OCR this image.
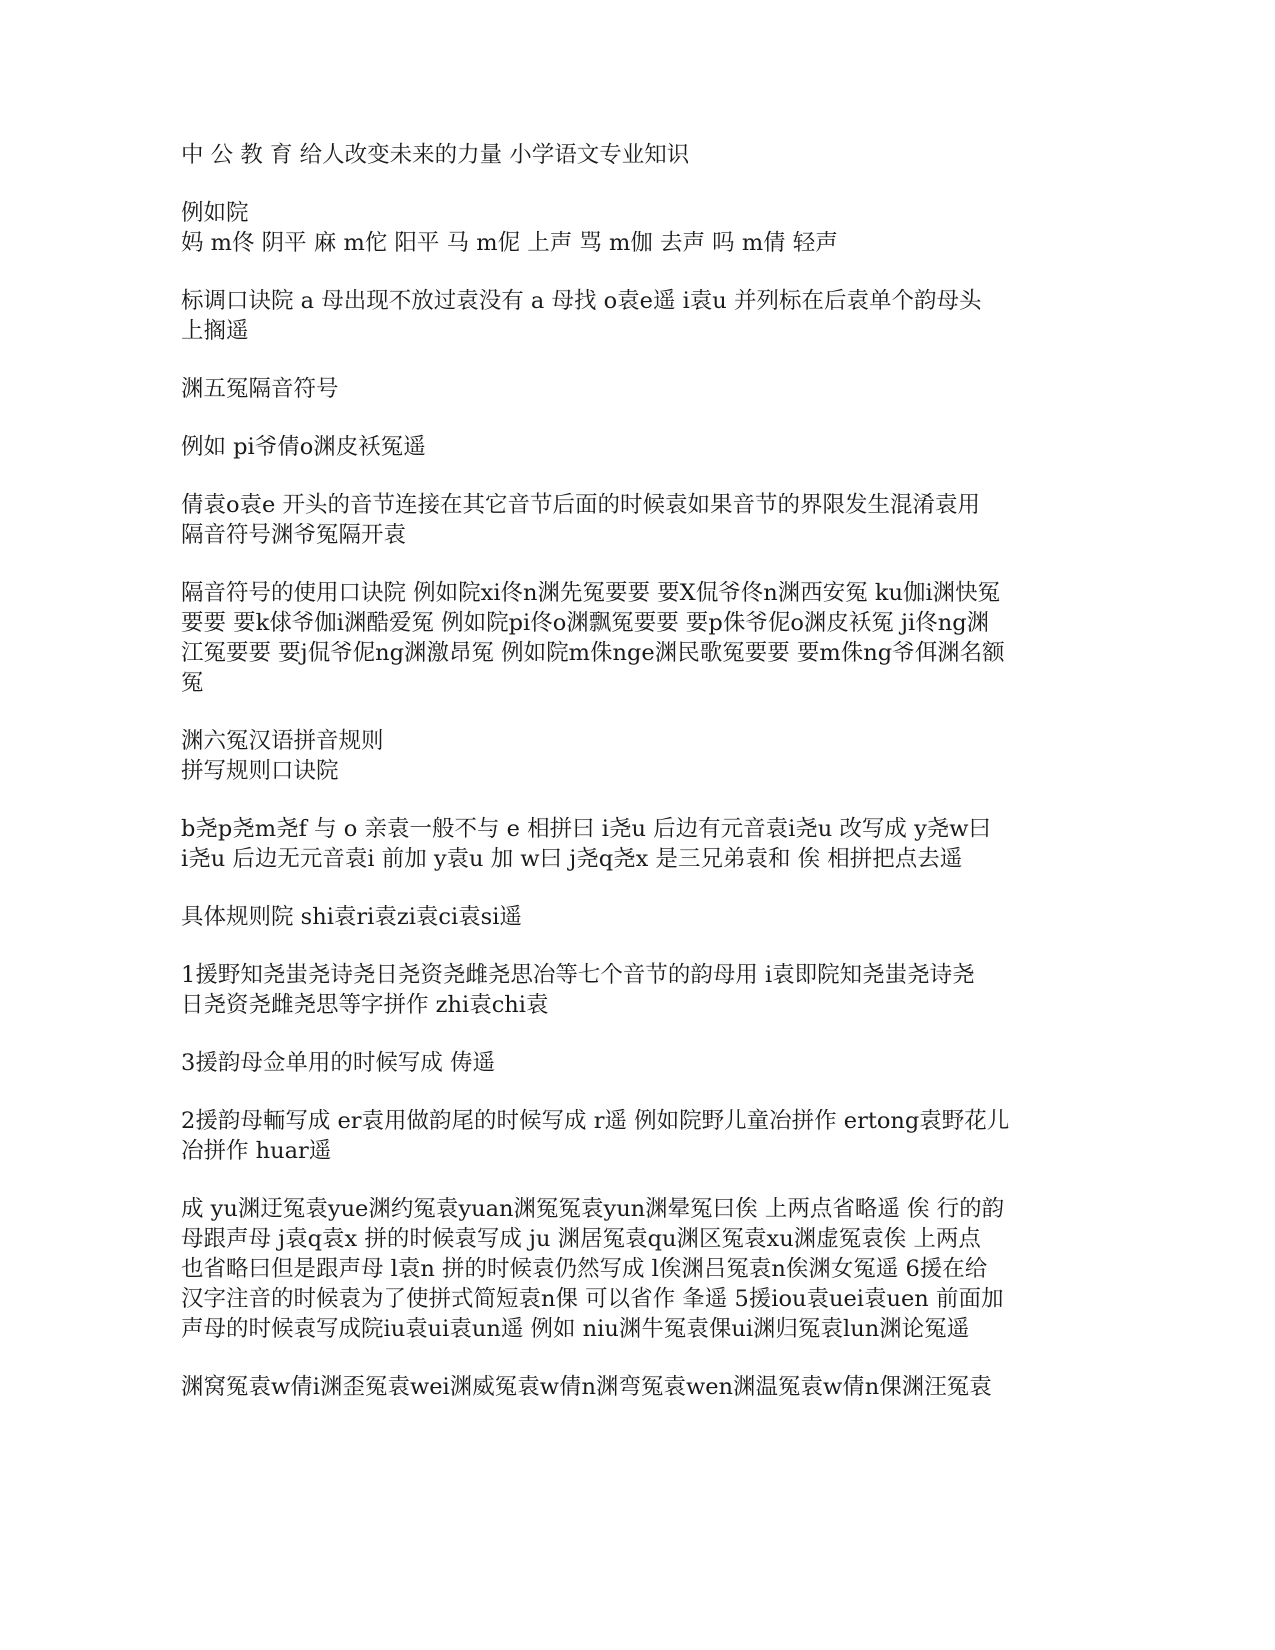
中 公 教 育 给人改变未来的力量 小学语文专业知识

例如院
妈 m佟 阴平 麻 m佗 阳平 马 m伲 上声 骂 m伽 去声 吗 m倩 轻声

标调口诀院 a 母出现不放过袁没有 a 母找 o袁e遥 i袁u 并列标在后袁单个韵母头
上搁遥

渊五冤隔音符号

例如 pi爷倩o渊皮袄冤遥

倩袁o袁e 开头的音节连接在其它音节后面的时候袁如果音节的界限发生混淆袁用
隔音符号渊爷冤隔开袁

隔音符号的使用口诀院 例如院xi佟n渊先冤要要 要X侃爷佟n渊西安冤 ku伽i渊快冤
要要 要k俅爷伽i渊酷爱冤 例如院pi佟o渊飘冤要要 要p侏爷伲o渊皮袄冤 ji佟ng渊
江冤要要 要j侃爷伲ng渊激昂冤 例如院m侏nge渊民歌冤要要 要m侏ng爷佴渊名额
冤

渊六冤汉语拼音规则
拼写规则口诀院

b尧p尧m尧f 与 o 亲袁一般不与 e 相拼曰 i尧u 后边有元音袁i尧u 改写成 y尧w曰
i尧u 后边无元音袁i 前加 y袁u 加 w曰 j尧q尧x 是三兄弟袁和 俟 相拼把点去遥

具体规则院 shi袁ri袁zi袁ci袁si遥

1援野知尧蚩尧诗尧日尧资尧雌尧思冶等七个音节的韵母用 i袁即院知尧蚩尧诗尧
日尧资尧雌尧思等字拼作 zhi袁chi袁

3援韵母佥单用的时候写成 俦遥

2援韵母輀写成 er袁用做韵尾的时候写成 r遥 例如院野儿童冶拼作 ertong袁野花儿
冶拼作 huar遥

成 yu渊迂冤袁yue渊约冤袁yuan渊冤冤袁yun渊晕冤曰俟 上两点省略遥 俟 行的韵
母跟声母 j袁q袁x 拼的时候袁写成 ju 渊居冤袁qu渊区冤袁xu渊虚冤袁俟 上两点
也省略曰但是跟声母 l袁n 拼的时候袁仍然写成 l俟渊吕冤袁n俟渊女冤遥 6援在给
汉字注音的时候袁为了使拼式简短袁n倮 可以省作 夆遥 5援iou袁uei袁uen 前面加
声母的时候袁写成院iu袁ui袁un遥 例如 niu渊牛冤袁倮ui渊归冤袁lun渊论冤遥

渊窝冤袁w倩i渊歪冤袁wei渊威冤袁w倩n渊弯冤袁wen渊温冤袁w倩n倮渊汪冤袁
